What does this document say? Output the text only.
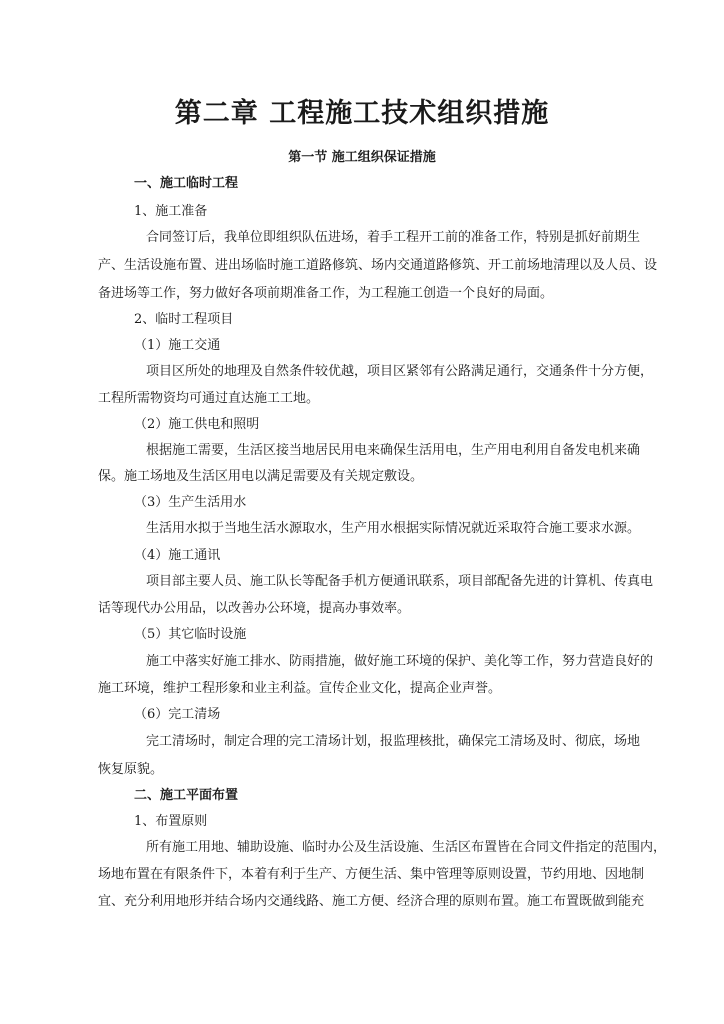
第二章 工程施工技术组织措施
第一节 施工组织保证措施
一、施工临时工程
1、施工准备
合同签订后，我单位即组织队伍进场，着手工程开工前的准备工作，特别是抓好前期生
产、生活设施布置、进出场临时施工道路修筑、场内交通道路修筑、开工前场地清理以及人员、设
备进场等工作，努力做好各项前期准备工作，为工程施工创造一个良好的局面。
2、临时工程项目
（1）施工交通
项目区所处的地理及自然条件较优越，项目区紧邻有公路满足通行，交通条件十分方便，
工程所需物资均可通过直达施工工地。
（2）施工供电和照明
根据施工需要，生活区接当地居民用电来确保生活用电，生产用电利用自备发电机来确
保。施工场地及生活区用电以满足需要及有关规定敷设。
（3）生产生活用水
生活用水拟于当地生活水源取水，生产用水根据实际情况就近采取符合施工要求水源。
（4）施工通讯
项目部主要人员、施工队长等配备手机方便通讯联系，项目部配备先进的计算机、传真电
话等现代办公用品，以改善办公环境，提高办事效率。
（5）其它临时设施
施工中落实好施工排水、防雨措施，做好施工环境的保护、美化等工作，努力营造良好的
施工环境，维护工程形象和业主利益。宣传企业文化，提高企业声誉。
（6）完工清场
完工清场时，制定合理的完工清场计划，报监理核批，确保完工清场及时、彻底，场地
恢复原貌。
二、施工平面布置
1、布置原则
所有施工用地、辅助设施、临时办公及生活设施、生活区布置皆在合同文件指定的范围内，
场地布置在有限条件下，本着有利于生产、方便生活、集中管理等原则设置，节约用地、因地制
宜、充分利用地形并结合场内交通线路、施工方便、经济合理的原则布置。施工布置既做到能充
